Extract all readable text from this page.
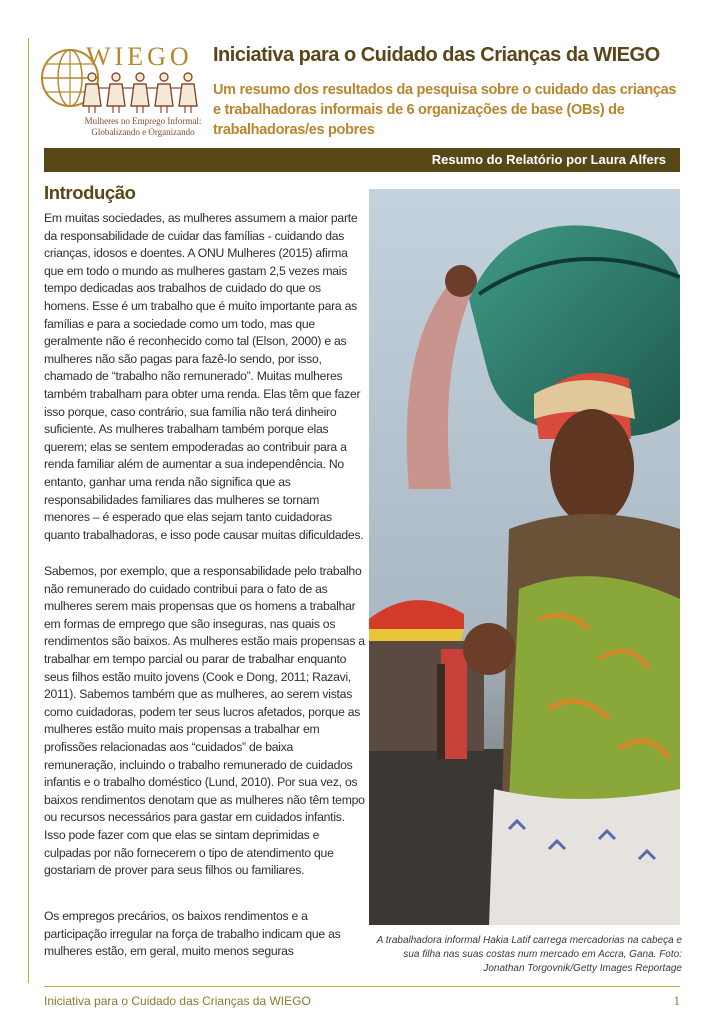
WIEGO
Mulheres no Emprego Informal:
Globalizando e Organizando
Iniciativa para o Cuidado das Crianças da WIEGO
Um resumo dos resultados da pesquisa sobre o cuidado das crianças
e trabalhadoras informais de 6 organizações de base (OBs) de
trabalhadoras/es pobres
Resumo do Relatório por Laura Alfers
Introdução

Em muitas sociedades, as mulheres assumem a maior parte da responsabilidade de cuidar das famílias - cuidando das crianças, idosos e doentes. A ONU Mulheres (2015) afirma que em todo o mundo as mulheres gastam 2,5 vezes mais tempo dedicadas aos trabalhos de cuidado do que os homens. Esse é um trabalho que é muito importante para as famílias e para a sociedade como um todo, mas que geralmente não é reconhecido como tal (Elson, 2000) e as mulheres não são pagas para fazê-lo sendo, por isso, chamado de “trabalho não remunerado”. Muitas mulheres também trabalham para obter uma renda. Elas têm que fazer isso porque, caso contrário, sua família não terá dinheiro suficiente. As mulheres trabalham também porque elas querem; elas se sentem empoderadas ao contribuir para a renda familiar além de aumentar a sua independência. No entanto, ganhar uma renda não significa que as responsabilidades familiares das mulheres se tornam menores – é esperado que elas sejam tanto cuidadoras quanto trabalhadoras, e isso pode causar muitas dificuldades.

Sabemos, por exemplo, que a responsabilidade pelo trabalho não remunerado do cuidado contribui para o fato de as mulheres serem mais propensas que os homens a trabalhar em formas de emprego que são inseguras, nas quais os rendimentos são baixos. As mulheres estão mais propensas a trabalhar em tempo parcial ou parar de trabalhar enquanto seus filhos estão muito jovens (Cook e Dong, 2011; Razavi, 2011). Sabemos também que as mulheres, ao serem vistas como cuidadoras, podem ter seus lucros afetados, porque as mulheres estão muito mais propensas a trabalhar em profissões relacionadas aos “cuidados” de baixa remuneração, incluindo o trabalho remunerado de cuidados infantis e o trabalho doméstico (Lund, 2010). Por sua vez, os baixos rendimentos denotam que as mulheres não têm tempo ou recursos necessários para gastar em cuidados infantis. Isso pode fazer com que elas se sintam deprimidas e culpadas por não fornecerem o tipo de atendimento que gostariam de prover para seus filhos ou familiares.

Os empregos precários, os baixos rendimentos e a participação irregular na força de trabalho indicam que as mulheres estão, em geral, muito menos seguras

A trabalhadora informal Hakia Latif carrega mercadorias na cabeça e sua filha nas suas costas num mercado em Accra, Gana. Foto: Jonathan Torgovnik/Getty Images Reportage
Iniciativa para o Cuidado das Crianças da WIEGO	1
